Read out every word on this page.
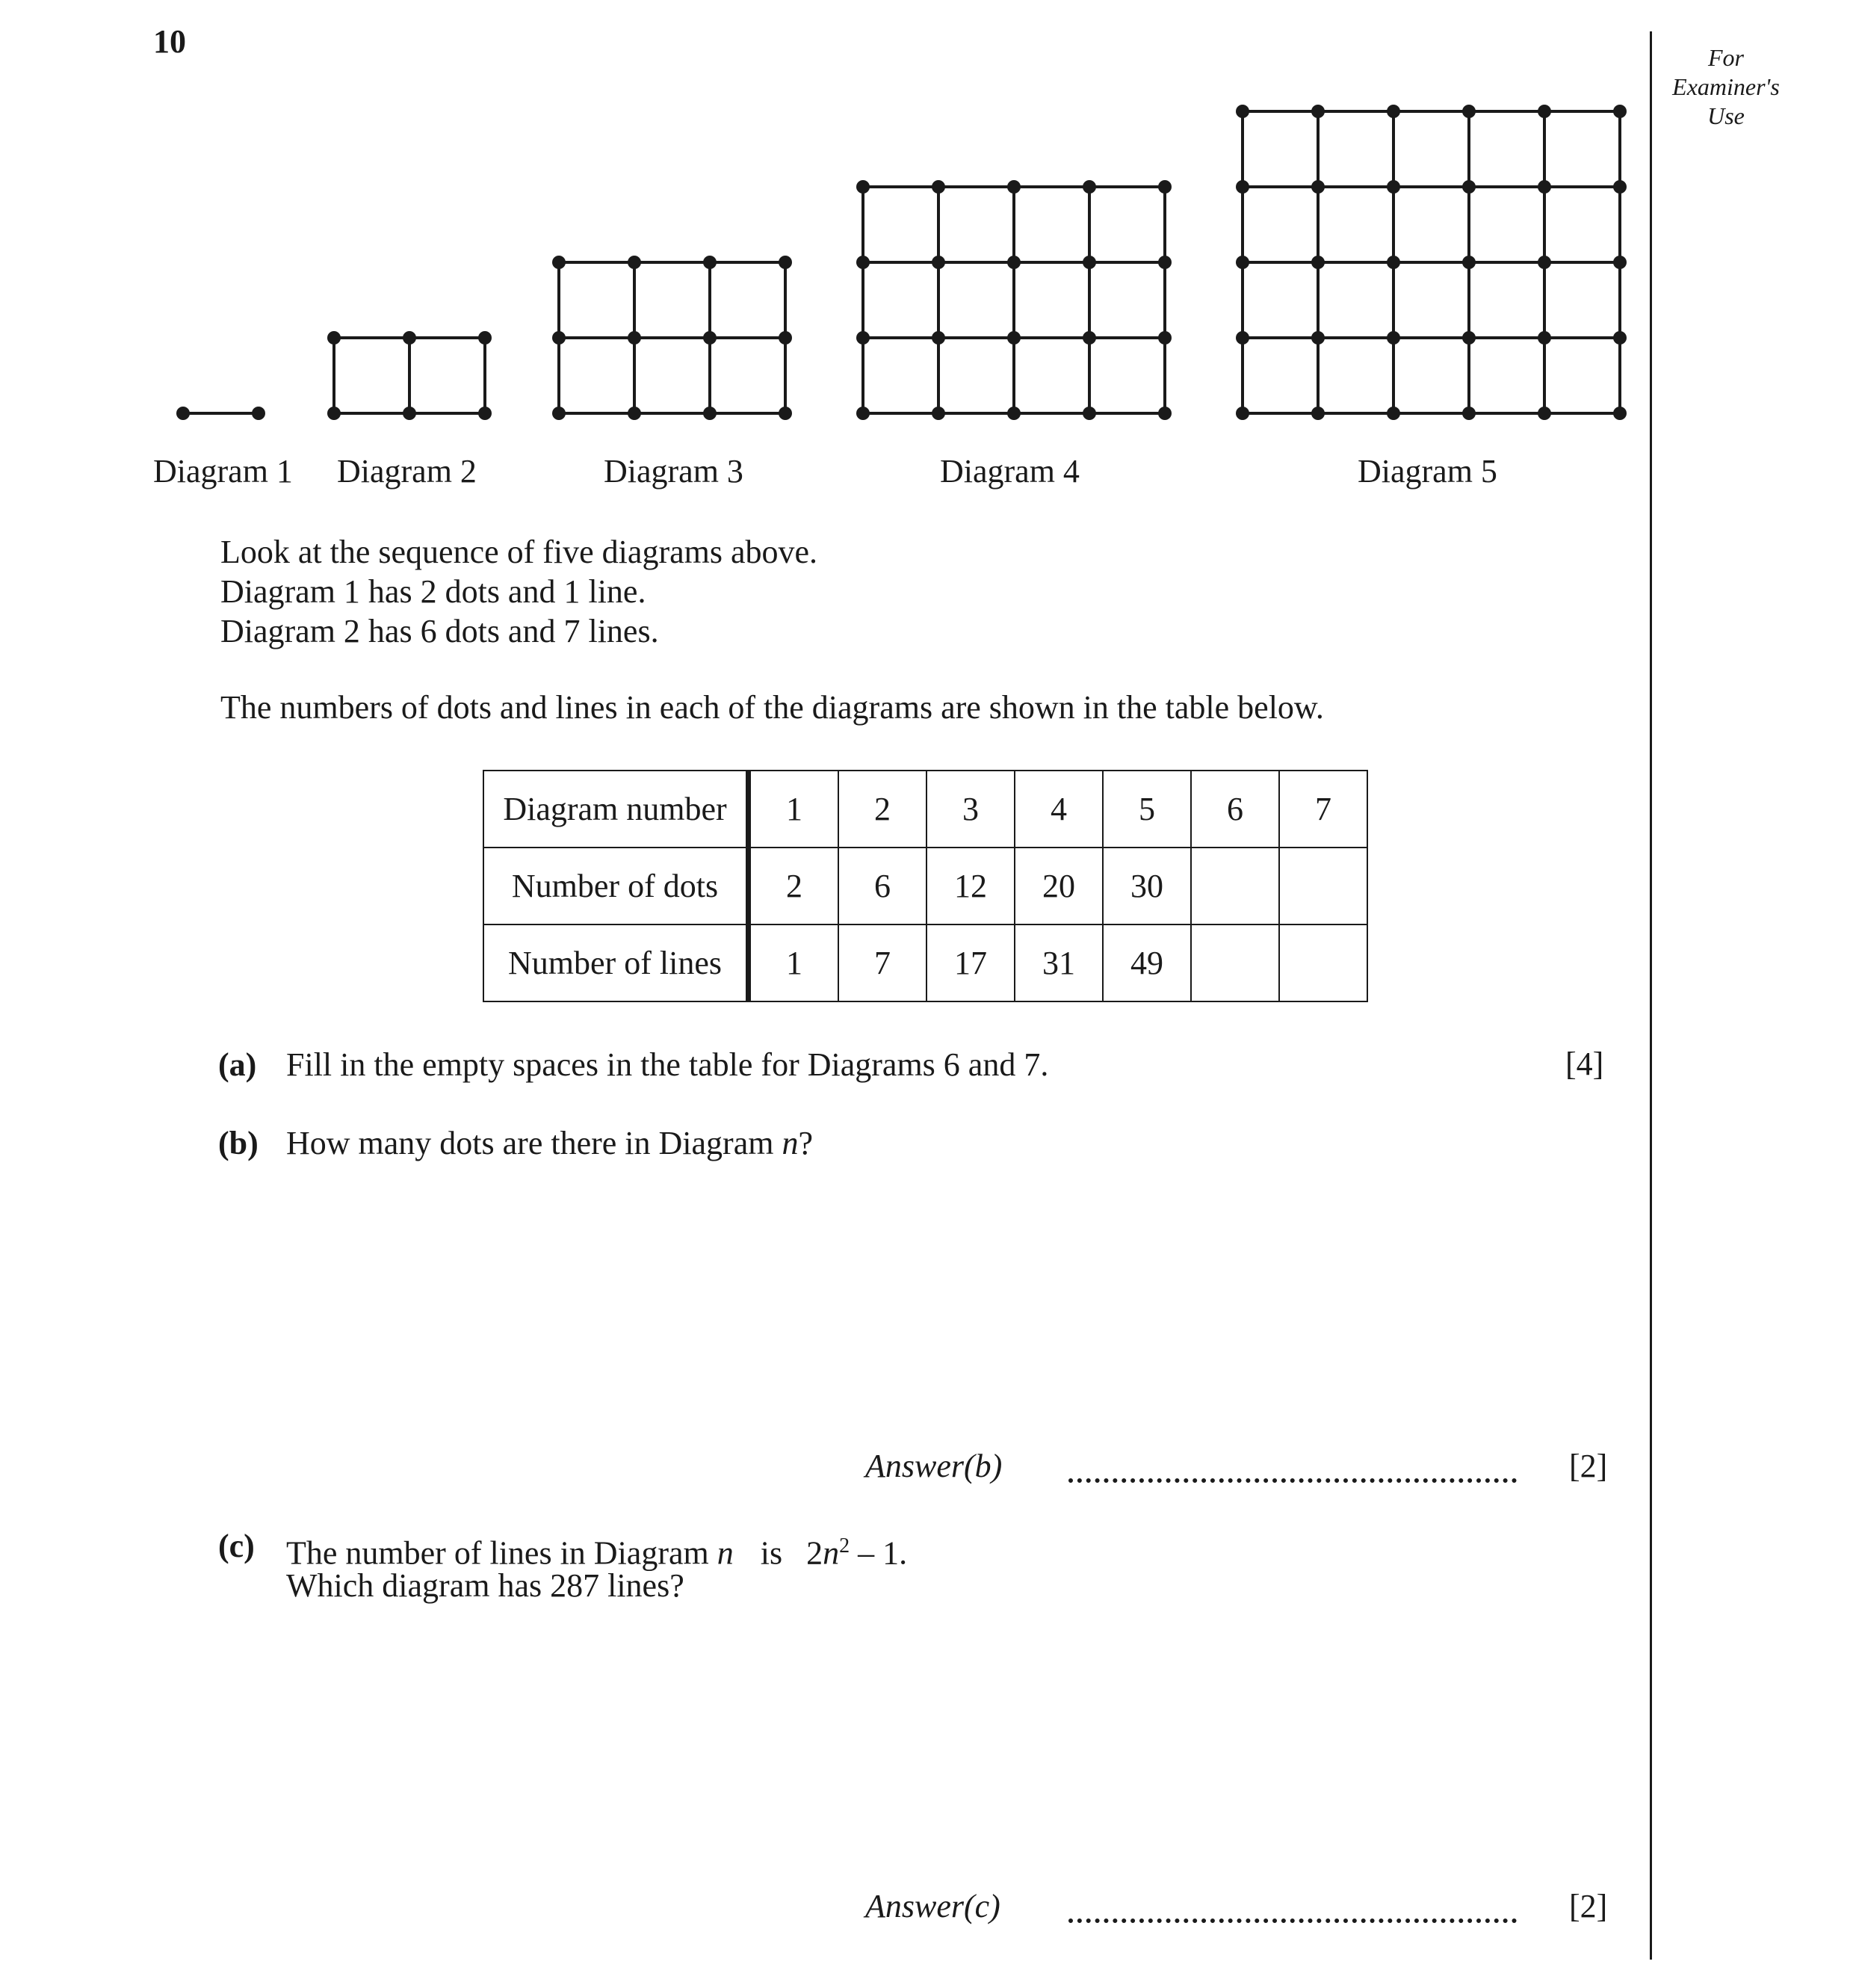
10	For
Examiner's
Use
Diagram 1 Diagram 2	Diagram 3	Diagram 4	Diagram 5
Look at the sequence of five diagrams above.
Diagram 1 has 2 dots and 1 line.
Diagram 2 has 6 dots and 7 lines.
The numbers of dots and lines in each of the diagrams are shown in the table below.
Diagram number	1	2	3	4	5	6	7
Number of dots	2	6	12	20	30		
Number of lines	1	7	17	31	49		
(a) Fill in the empty spaces in the table for Diagrams 6 and 7.	[4]
(b) How many dots are there in Diagram n?
Answer(b)	[2]
(c) The number of lines in Diagram n is $2n^2 - 1$.
Which diagram has 287 lines?
Answer(c)	[2]
